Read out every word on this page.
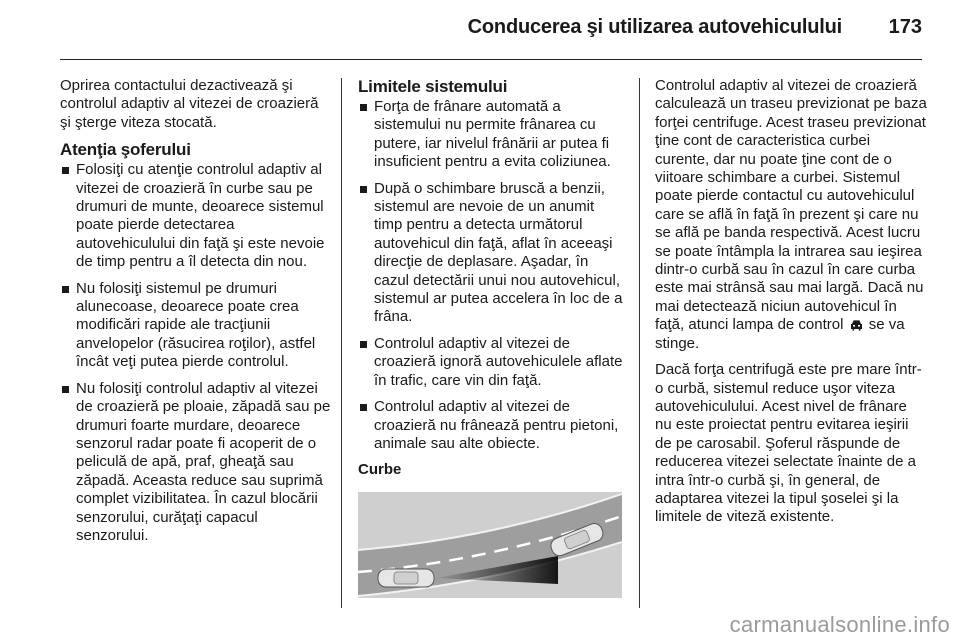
Conducerea şi utilizarea autovehiculului 173

Oprirea contactului dezactivează şi controlul adaptiv al vitezei de croazieră şi şterge viteza stocată.

Atenţia şoferului
Folosiţi cu atenţie controlul adaptiv al vitezei de croazieră în curbe sau pe drumuri de munte, deoarece sistemul poate pierde detectarea autovehiculului din faţă şi este nevoie de timp pentru a îl detecta din nou.
Nu folosiţi sistemul pe drumuri alunecoase, deoarece poate crea modificări rapide ale tracţiunii anvelopelor (răsucirea roţilor), astfel încât veţi putea pierde controlul.
Nu folosiţi controlul adaptiv al vitezei de croazieră pe ploaie, zăpadă sau pe drumuri foarte murdare, deoarece senzorul radar poate fi acoperit de o peliculă de apă, praf, gheaţă sau zăpadă. Aceasta reduce sau suprimă complet vizibilitatea. În cazul blocării senzorului, curăţaţi capacul senzorului.
Limitele sistemului
Forţa de frânare automată a sistemului nu permite frânarea cu putere, iar nivelul frânării ar putea fi insuficient pentru a evita coliziunea.
După o schimbare bruscă a benzii, sistemul are nevoie de un anumit timp pentru a detecta următorul autovehicul din faţă, aflat în aceeaşi direcţie de deplasare. Aşadar, în cazul detectării unui nou autovehicul, sistemul ar putea accelera în loc de a frâna.
Controlul adaptiv al vitezei de croazieră ignoră autovehiculele aflate în trafic, care vin din faţă.
Controlul adaptiv al vitezei de croazieră nu frânează pentru pietoni, animale sau alte obiecte.
Curbe

Controlul adaptiv al vitezei de croazieră calculează un traseu previzionat pe baza forţei centrifuge. Acest traseu previzionat ţine cont de caracteristica curbei curente, dar nu poate ţine cont de o viitoare schimbare a curbei. Sistemul poate pierde contactul cu autovehiculul care se află în faţă în prezent şi care nu se află pe banda respectivă. Acest lucru se poate întâmpla la intrarea sau ieşirea dintr-o curbă sau în cazul în care curba este mai strânsă sau mai largă. Dacă nu mai detectează niciun autovehicul în faţă, atunci lampa de control se va stinge.

Dacă forţa centrifugă este pre mare într-o curbă, sistemul reduce uşor viteza autovehiculului. Acest nivel de frânare nu este proiectat pentru evitarea ieşirii de pe carosabil. Şoferul răspunde de reducerea vitezei selectate înainte de a intra într-o curbă şi, în general, de adaptarea vitezei la tipul şoselei şi la limitele de viteză existente.

carmanualsonline.info
